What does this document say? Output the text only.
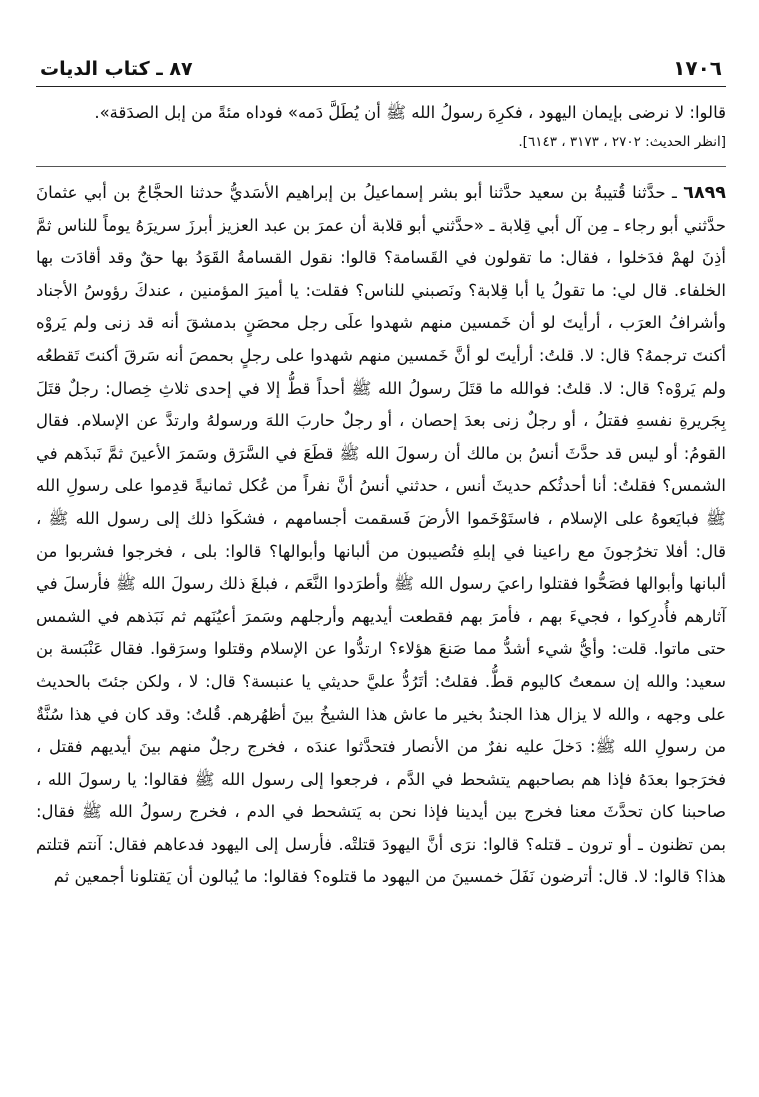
١٧٠٦
٨٧ ـ كتاب الديات
قالوا: لا نرضى بإيمان اليهود ، فكرِهَ رسولُ الله ﷺ أن يُطَلَّ دَمه» فوداه مئةً من إبل الصدَقة».
[انظر الحديث: ٢٧٠٢ ، ٣١٧٣ ، ٦١٤٣].
٦٨٩٩ ـ حدَّثنا قُتيبةُ بن سعيد حدَّثنا أبو بشر إسماعيلُ بن إبراهيم الأسَديُّ حدثنا الحجَّاجُ بن أبي عثمانَ حدَّثني أبو رجاء ـ مِن آل أبي قِلابة ـ «حدَّثني أبو قلابة أن عمرَ بن عبد العزيز أبرزَ سريرَهُ يوماً للناس ثمَّ أذِنَ لهمْ فدَخلوا ، فقال: ما تقولون في القَسامة؟ قالوا: نقول القسامةُ القَوَدُ بها حقٌ وقد أقادَت بها الخلفاء. قال لي: ما تقولُ يا أبا قِلابة؟ ونَصبني للناس؟ فقلت: يا أميرَ المؤمنين ، عندكَ رؤوسُ الأجناد وأشرافُ العرَب ، أرأيتَ لو أن خَمسين منهم شهدوا علَى رجل محصَنٍ بدمشقَ أنه قد زنى ولم يَروْه أكنتَ ترجمهُ؟ قال: لا. قلتُ: أرأيتَ لو أنَّ خَمسين منهم شهدوا على رجلٍ بحمصَ أنه سَرقَ أكنتَ تَقطعُه ولم يَروْه؟ قال: لا. قلتُ: فوالله ما قتَلَ رسولُ الله ﷺ أحداً قطُّ إلا في إحدى ثلاثِ خِصال: رجلٌ قتَلَ بِجَريرةِ نفسهِ فقتلُ ، أو رجلٌ زنى بعدَ إحصان ، أو رجلٌ حاربَ اللهَ ورسولهُ وارتدَّ عن الإسلام. فقال القومُ: أو ليس قد حدَّثَ أنسُ بن مالك أن رسولَ الله ﷺ قطَعَ في السَّرَق وسَمرَ الأعينَ ثمَّ نَبذَهم في الشمس؟ فقلتُ: أنا أحدثُكم حديثَ أنس ، حدثني أنسُ أنَّ نفراً من عُكل ثمانيةً قدِموا على رسولِ الله ﷺ فبايَعوهُ على الإسلام ، فاستَوْخَموا الأرضَ فَسقمت أجسامهم ، فشكَوا ذلك إلى رسول الله ﷺ ، قال: أفلا تخرُجونَ مع راعينا في إبلهِ فتُصيبون من ألبانها وأبوالها؟ قالوا: بلى ، فخرجوا فشربوا من ألبانها وأبوالها فصَحُّوا فقتلوا راعيَ رسول الله ﷺ وأطرَدوا النَّعَم ، فبلغَ ذلك رسولَ الله ﷺ فأرسلَ في آثارهم فأُدرِكوا ، فجيءَ بهم ، فأمرَ بهم فقطعت أيديهم وأرجلهم وسَمرَ أعيُنَهم ثم نَبَذهم في الشمس حتى ماتوا. قلت: وأيُّ شيء أشدُّ مما صَنعَ هؤلاء؟ ارتدُّوا عن الإسلام وقتلوا وسرَقوا. فقال عَنْبَسة بن سعيد: والله إن سمعتُ كاليوم قطُّ. فقلتُ: أتَرُدُّ عليَّ حديثي يا عنبسة؟ قال: لا ، ولكن جئتَ بالحديث على وجهه ، والله لا يزال هذا الجندُ بخير ما عاش هذا الشيخُ بينَ أظهُرهم. قُلتُ: وقد كان في هذا سُنَّةٌ من رسولِ الله ﷺ: دَخلَ عليه نفرٌ من الأنصار فتحدَّثوا عندَه ، فخرج رجلٌ منهم بينَ أيديهم فقتل ، فخرَجوا بعدَهُ فإذا هم بصاحبهم يتشحط في الدَّم ، فرجعوا إلى رسول الله ﷺ فقالوا: يا رسولَ الله ، صاحبنا كان تحدَّثَ معنا فخرج بين أيدينا فإذا نحن به يَتشحط في الدم ، فخرج رسولُ الله ﷺ فقال: بمن تظنون ـ أو ترون ـ قتله؟ قالوا: نرَى أنَّ اليهودَ قتلتْه. فأرسل إلى اليهود فدعاهم فقال: آنتم قتلتم هذا؟ قالوا: لا. قال: أترضون نَفَلَ خمسينَ من اليهود ما قتلوه؟ فقالوا: ما يُبالون أن يَقتلونا أجمعين ثم
